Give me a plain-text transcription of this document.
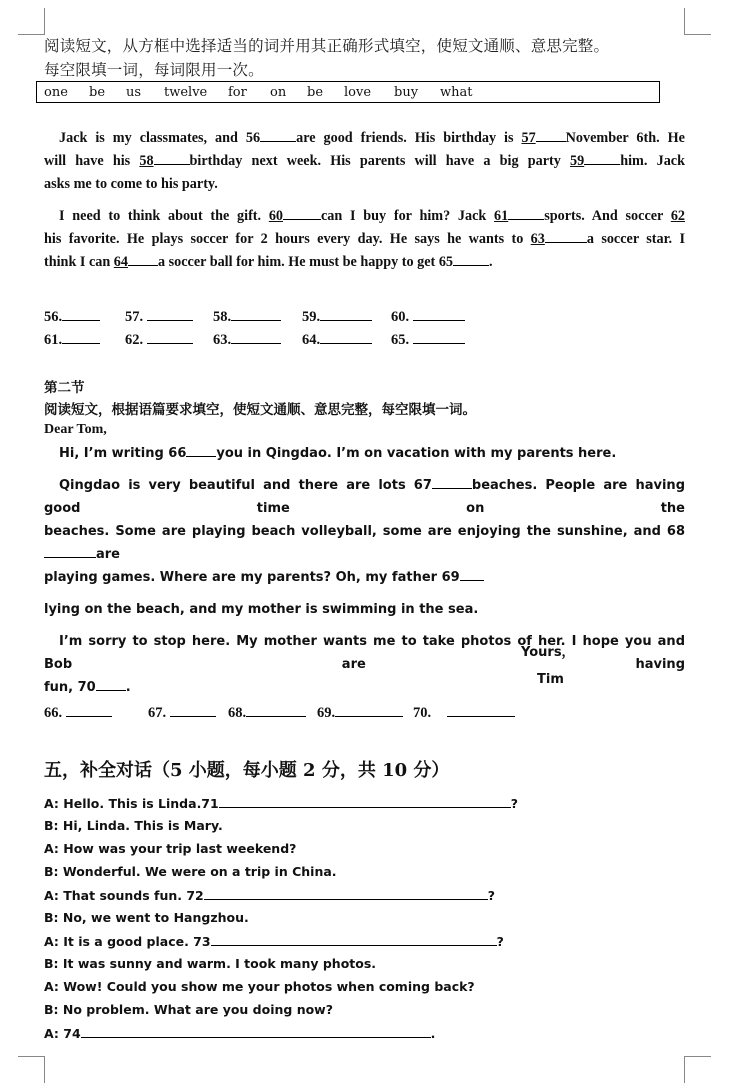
阅读短文，从方框中选择适当的词并用其正确形式填空，使短文通顺、意思完整。
每空限填一词，每词限用一次。
one be us twelve for on be love buy what
Jack is my classmates, and 56	are good friends. His birthday is 57 November 6th. He
will have his 58	birthday next week. His parents will have a big party 59	him. Jack
asks me to come to his party.
I need to think about the gift. 60	can I buy for him? Jack 61	sports. And soccer 62
his favorite. He plays soccer for 2 hours every day. He says he wants to 63	a soccer star. I
think I can 64 a soccer ball for him. He must be happy to get 65	.
56.	57.	58.	59.	60.
61.	62.	63.	64.	65.
第二节
阅读短文，根据语篇要求填空，使短文通顺、意思完整，每空限填一词。
Dear Tom,
Hi, I’m writing 66 you in Qingdao. I’m on vacation with my parents here.
Qingdao is very beautiful and there are lots 67	beaches. People are having good time on the
beaches. Some are playing beach volleyball, some are enjoying the sunshine, and 68are
playing games. Where are my parents? Oh, my father 69
lying on the beach, and my mother is swimming in the sea.
I’m sorry to stop here. My mother wants me to take photos of her. I hope you and Bob are having
fun, 70 .
Yours，
Tim
66.	67.	68.	69.	70.
五，补全对话（5 小题，每小题 2 分，共 10 分）
A: Hello. This is Linda.71	?
B: Hi, Linda. This is Mary.
A: How was your trip last weekend?
B: Wonderful. We were on a trip in China.
A: That sounds fun. 72	?
B: No, we went to Hangzhou.
A: It is a good place. 73	?
B: It was sunny and warm. I took many photos.
A: Wow! Could you show me your photos when coming back?
B: No problem. What are you doing now?
A: 74	.
